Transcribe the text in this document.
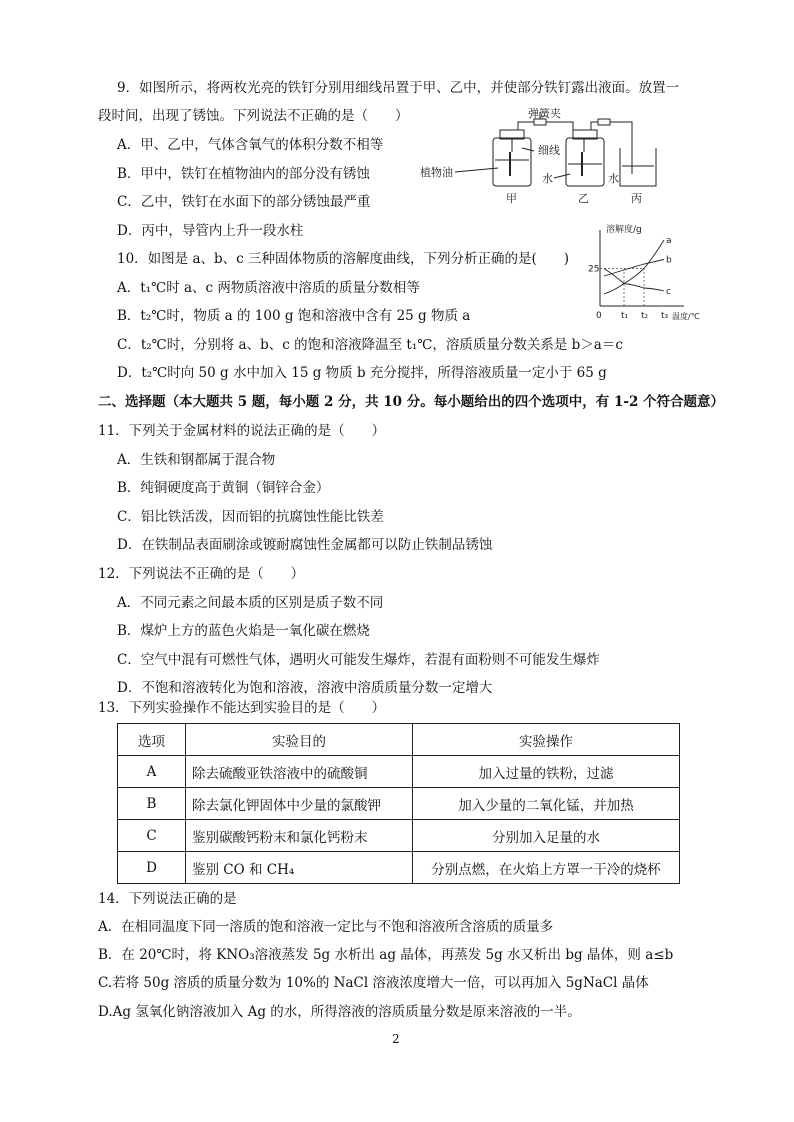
9．如图所示，将两枚光亮的铁钉分别用细线吊置于甲、乙中，并使部分铁钉露出液面。放置一
段时间，出现了锈蚀。下列说法不正确的是（　　）
A．甲、乙中，气体含氧气的体积分数不相等
B．甲中，铁钉在植物油内的部分没有锈蚀
C．乙中，铁钉在水面下的部分锈蚀最严重
D．丙中，导管内上升一段水柱
弹簧夹
细线
植物油	水	水
甲	乙	丙
10．如图是 a、b、c 三种固体物质的溶解度曲线，下列分析正确的是(　　)
A．t₁℃时 a、c 两物质溶液中溶质的质量分数相等
B．t₂℃时，物质 a 的 100 g 饱和溶液中含有 25 g 物质 a
C．t₂℃时，分别将 a、b、c 的饱和溶液降温至 t₁℃，溶质质量分数关系是 b＞a＝c
D．t₂℃时向 50 g 水中加入 15 g 物质 b 充分搅拌，所得溶液质量一定小于 65 g
溶解度/g
温度/℃
0 t₁ t₂ t₃
25
a
b
c
二、选择题（本大题共 5 题，每小题 2 分，共 10 分。每小题给出的四个选项中，有 1-2 个符合题意）
11．下列关于金属材料的说法正确的是（　　）
A．生铁和钢都属于混合物
B．纯铜硬度高于黄铜（铜锌合金）
C．铝比铁活泼，因而铝的抗腐蚀性能比铁差
D．在铁制品表面刷涂或镀耐腐蚀性金属都可以防止铁制品锈蚀
12．下列说法不正确的是（　　）
A．不同元素之间最本质的区别是质子数不同
B．煤炉上方的蓝色火焰是一氧化碳在燃烧
C．空气中混有可燃性气体，遇明火可能发生爆炸，若混有面粉则不可能发生爆炸
D．不饱和溶液转化为饱和溶液，溶液中溶质质量分数一定增大
13．下列实验操作不能达到实验目的是（　　）
选项	实验目的	实验操作
A	除去硫酸亚铁溶液中的硫酸铜	加入过量的铁粉，过滤
B	除去氯化钾固体中少量的氯酸钾	加入少量的二氧化锰，并加热
C	鉴别碳酸钙粉末和氯化钙粉末	分别加入足量的水
D	鉴别 CO 和 CH₄	分别点燃，在火焰上方罩一干冷的烧杯
14．下列说法正确的是
A．在相同温度下同一溶质的饱和溶液一定比与不饱和溶液所含溶质的质量多
B．在 20℃时，将 KNO₃溶液蒸发 5g 水析出 ag 晶体，再蒸发 5g 水又析出 bg 晶体，则 a≤b
C.若将 50g 溶质的质量分数为 10%的 NaCl 溶液浓度增大一倍，可以再加入 5gNaCl 晶体
D.Ag 氢氧化钠溶液加入 Ag 的水，所得溶液的溶质质量分数是原来溶液的一半。
2
